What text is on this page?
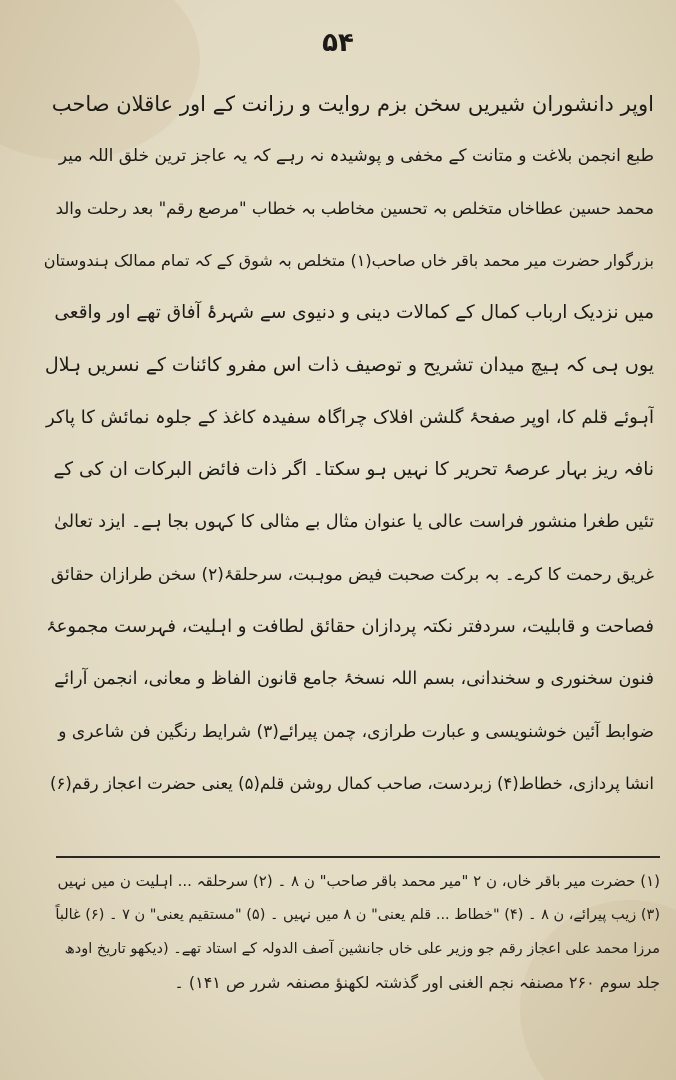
۵۴
اوپر دانشوران شیریں سخن بزم روایت و رزانت کے اور عاقلان صاحب
طبع انجمن بلاغت و متانت کے مخفی و پوشیدہ نہ رہے کہ یہ عاجز ترین خلق اللہ میر
محمد حسین عطاخاں متخلص بہ تحسین مخاطب بہ خطاب "مرصع رقم" بعد رحلت والد
بزرگوار حضرت میر محمد باقر خاں صاحب(۱) متخلص بہ شوق کے کہ تمام ممالک ہندوستان
میں نزدیک ارباب کمال کے کمالات دینی و دنیوی سے شہرۂ آفاق تھے اور واقعی
یوں ہی کہ ہیچ میدان تشریح و توصیف ذات اس مفرو کائنات کے نسریں ہلال
آہوئے قلم کا، اوپر صفحۂ گلشن افلاک چراگاہ سفیدہ کاغذ کے جلوہ نمائش کا پاکر
نافہ ریز بہار عرصۂ تحریر کا نہیں ہو سکتا۔ اگر ذات فائض البرکات ان کی کے
تئیں طغرا منشور فراست عالی یا عنوان مثال بے مثالی کا کہوں بجا ہے۔ ایزد تعالیٰ
غریق رحمت کا کرے۔ بہ برکت صحبت فیض موہبت، سرحلقۂ(۲) سخن طرازان حقائق
فصاحت و قابلیت، سردفتر نکتہ پردازان حقائق لطافت و اہلیت، فہرست مجموعۂ
فنون سخنوری و سخندانی، بسم اللہ نسخۂ جامع قانون الفاظ و معانی، انجمن آرائے
ضوابط آئین خوشنویسی و عبارت طرازی، چمن پیرائے(۳) شرایط رنگین فن شاعری و
انشا پردازی، خطاط(۴) زبردست، صاحب کمال روشن قلم(۵) یعنی حضرت اعجاز رقم(۶)
(۱) حضرت میر باقر خاں، ن ۲ "میر محمد باقر صاحب" ن ۸ ۔ (۲) سرحلقہ ... اہلیت ن میں نہیں
(۳) زیب پیرائے، ن ۸ ۔ (۴) "خطاط ... قلم یعنی" ن ۸ میں نہیں ۔ (۵) "مستقیم یعنی" ن ۷ ۔ (۶) غالباً
مرزا محمد علی اعجاز رقم جو وزیر علی خاں جانشین آصف الدولہ کے استاد تھے۔ (دیکھو تاریخ اودھ
جلد سوم ۲۶۰ مصنفہ نجم الغنی اور گذشتہ لکھنؤ مصنفہ شرر ص ۱۴۱) ۔
